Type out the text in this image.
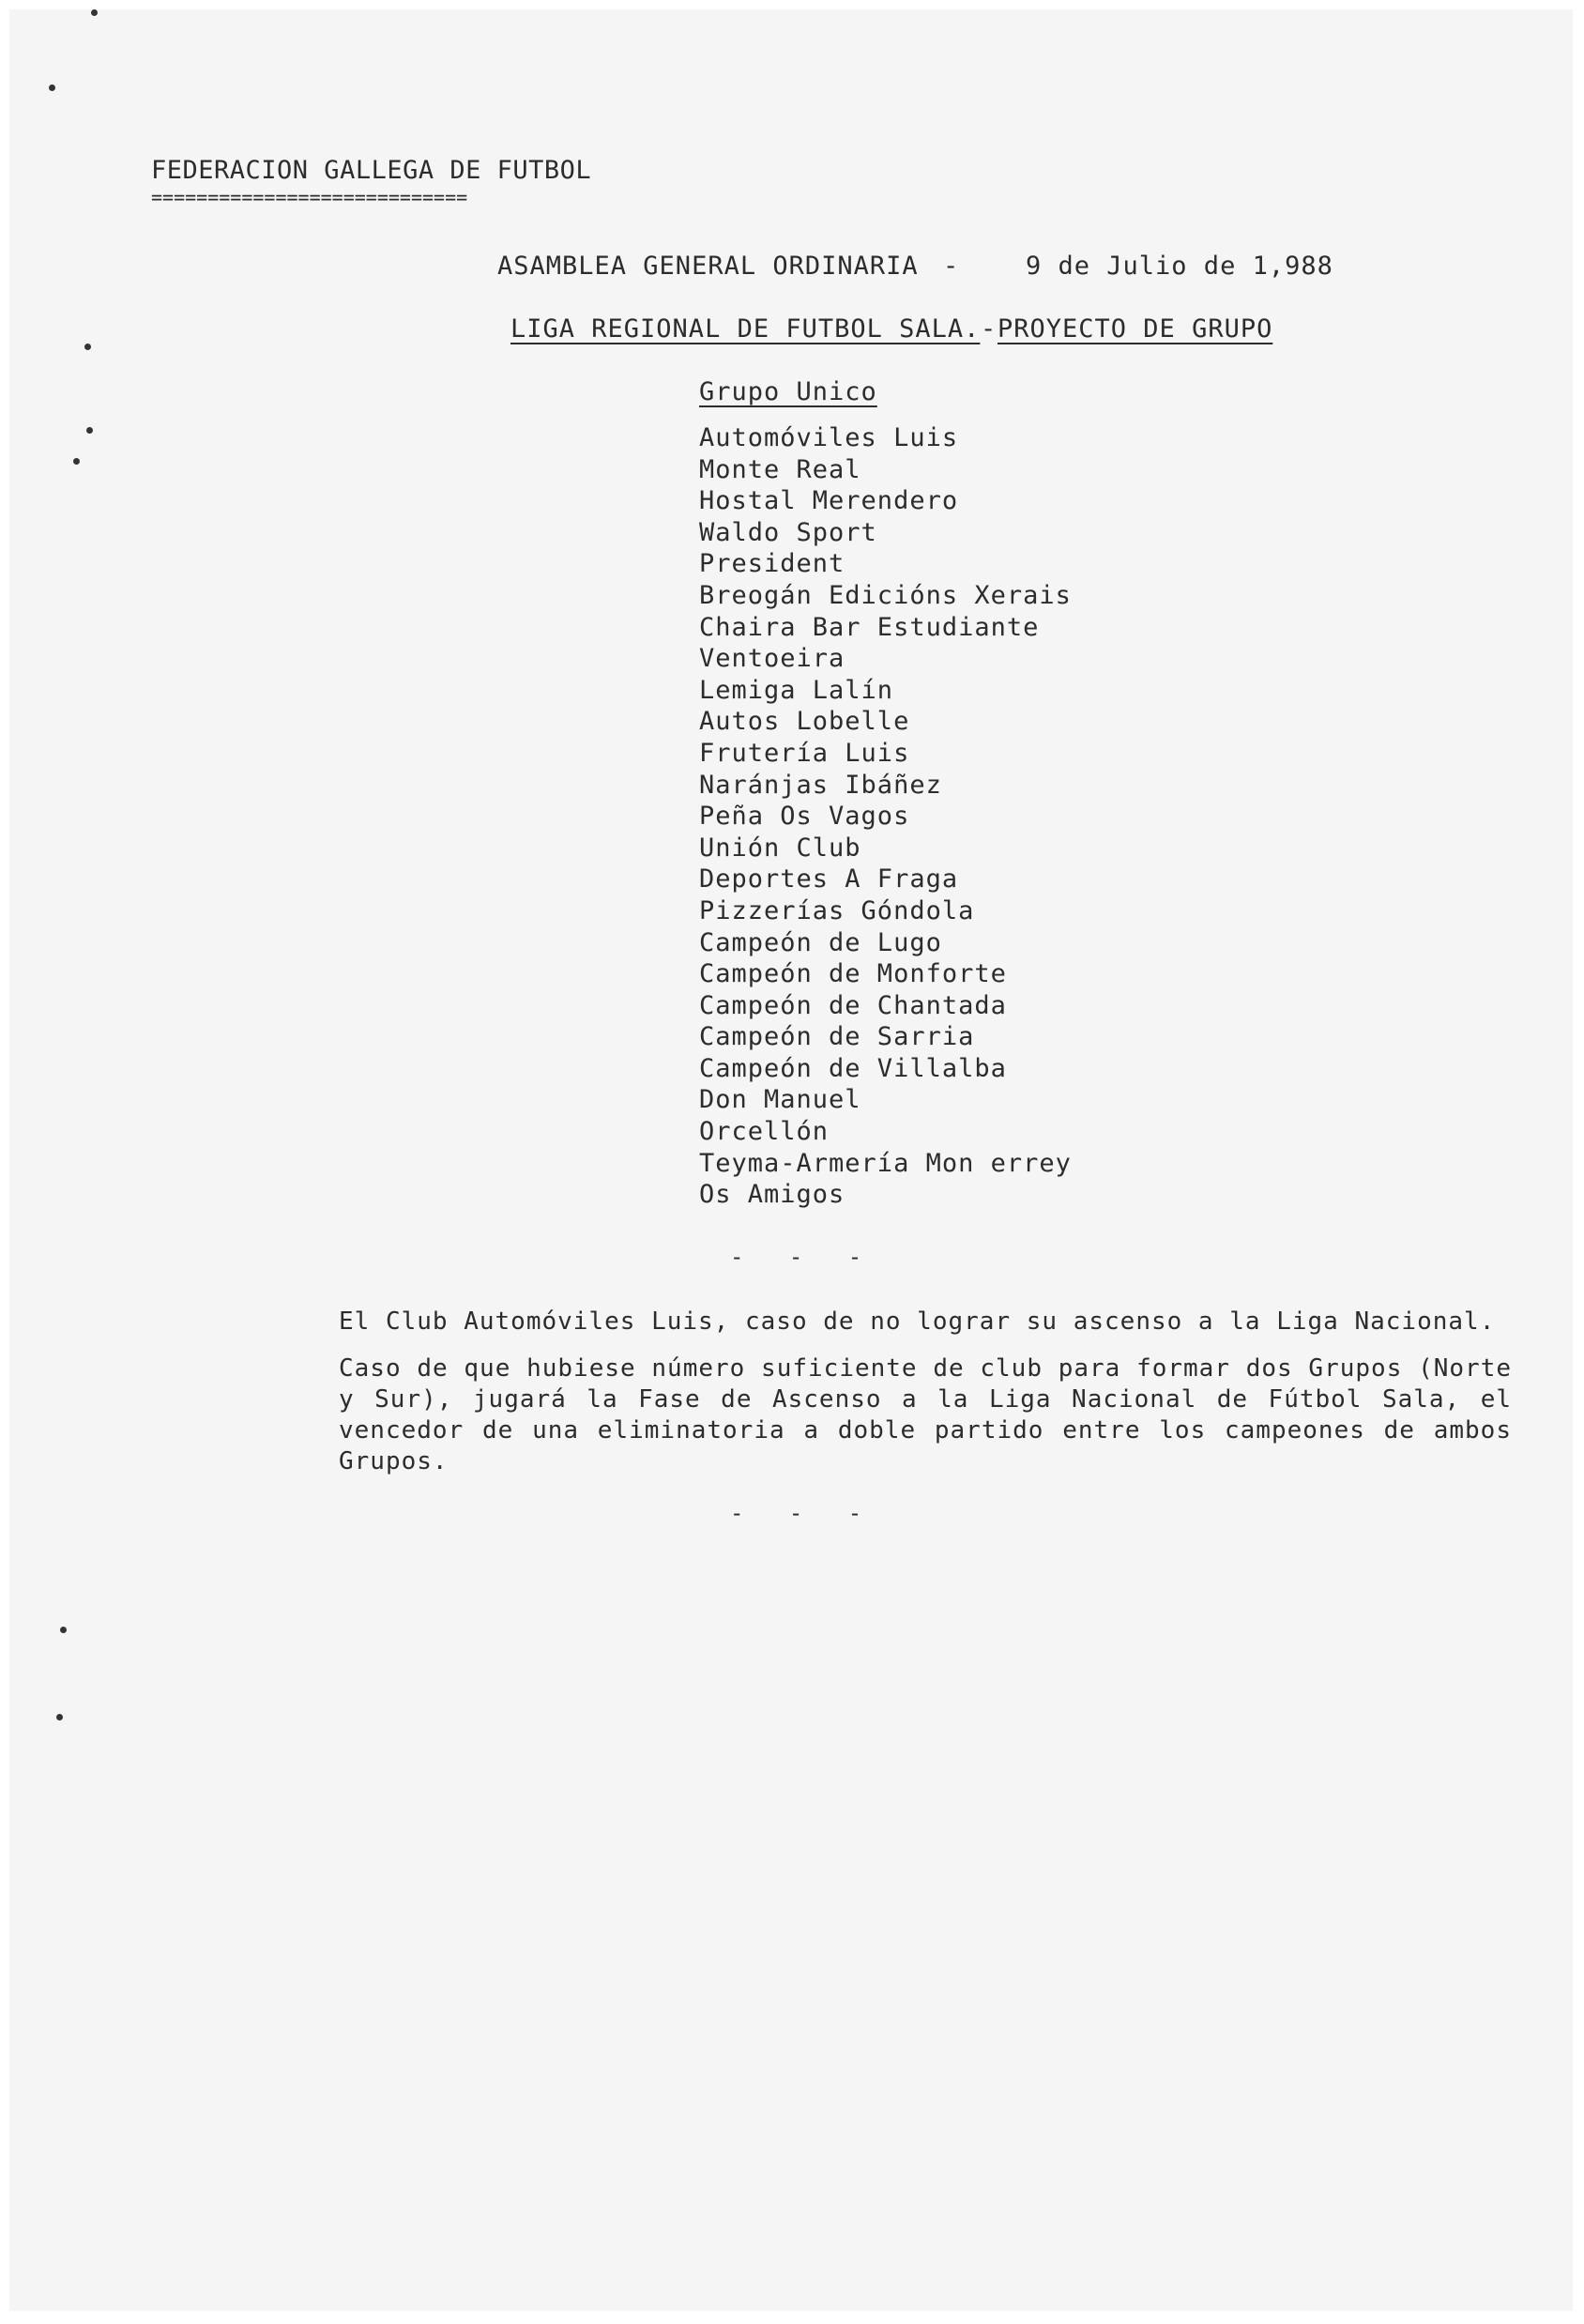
FEDERACION GALLEGA DE FUTBOL
============================
ASAMBLEA GENERAL ORDINARIA -	9 de Julio de 1,988
LIGA REGIONAL DE FUTBOL SALA. - PROYECTO DE GRUPO
Grupo Unico
Automóviles Luis
Monte Real
Hostal Merendero
Waldo Sport
President
Breogán Edicións Xerais
Chaira Bar Estudiante
Ventoeira
Lemiga Lalín
Autos Lobelle
Frutería Luis
Naránjas Ibáñez
Peña Os Vagos
Unión Club
Deportes A Fraga
Pizzerías Góndola
Campeón de Lugo
Campeón de Monforte
Campeón de Chantada
Campeón de Sarria
Campeón de Villalba
Don Manuel
Orcellón
Teyma-Armería Mon errey
Os Amigos
- - -
El Club Automóviles Luis, caso de no lograr su ascenso a la Liga Nacional.
Caso de que hubiese número suficiente de club para formar dos Grupos (Norte y Sur), jugará la Fase de Ascenso a la Liga Nacional de Fútbol Sala, el vencedor de una eliminatoria a doble partido entre los campeones de ambos Grupos.
- - -
